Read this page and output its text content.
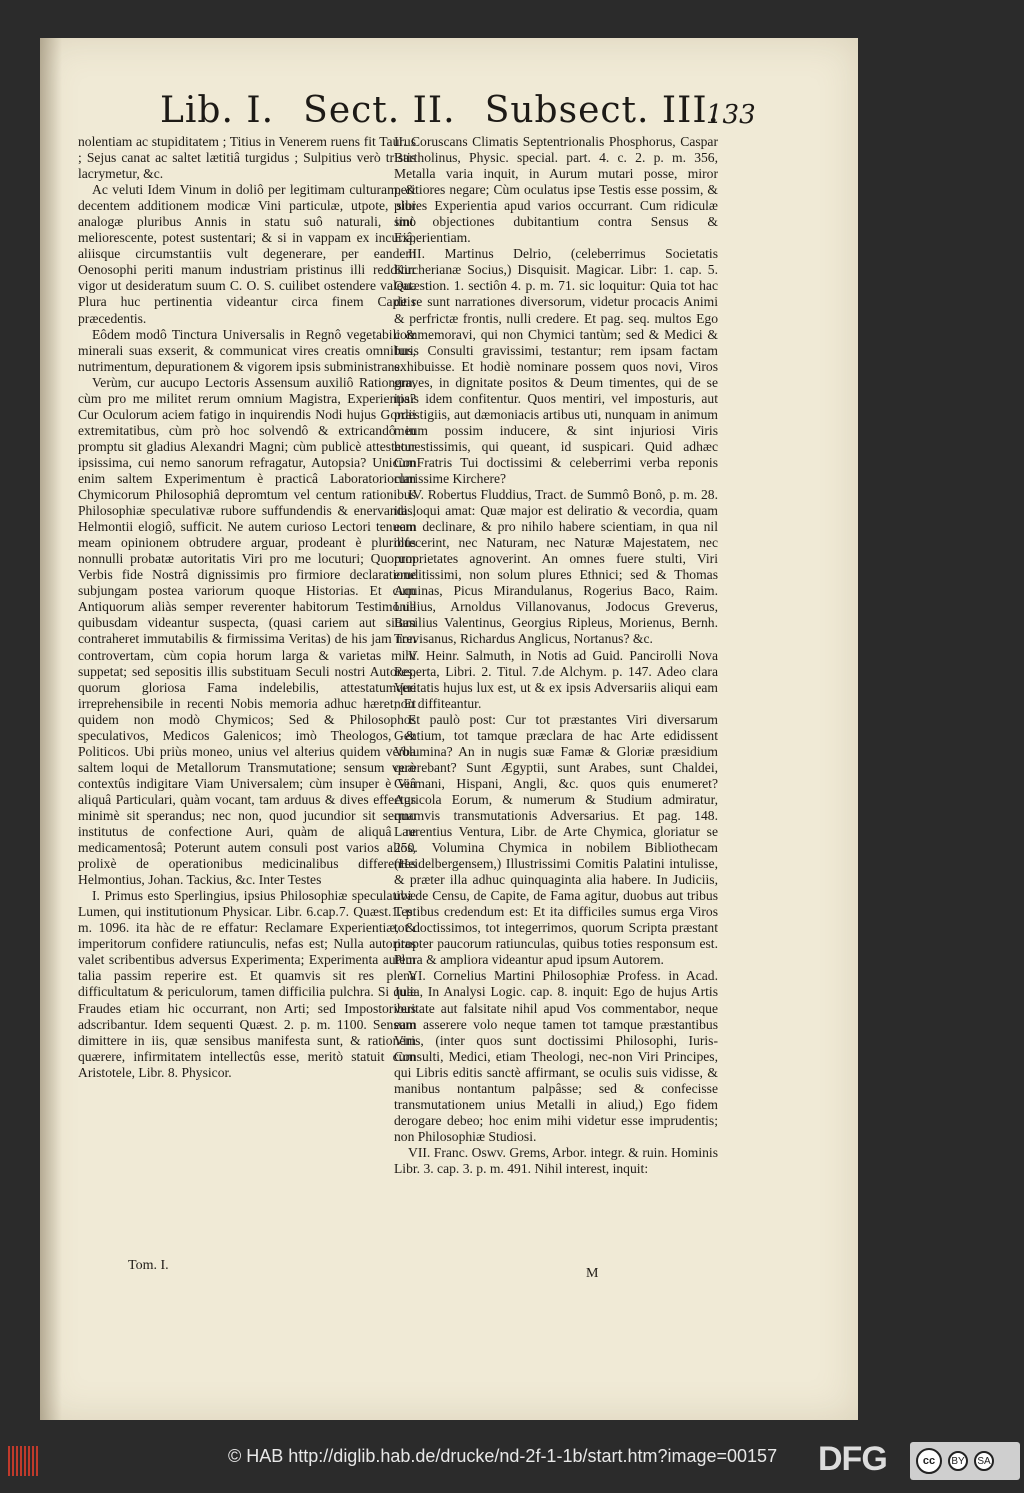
Lib. I. Sect. II. Subsect. III.
133

nolentiam ac stupiditatem ; Titius in Venerem ruens fit Taurus ; Sejus canat ac saltet lætitiâ turgidus ; Sulpitius verò tristis lacrymetur, &c.

Ac veluti Idem Vinum in doliô per legitimam culturam, & decentem additionem modicæ Vini particulæ, utpote, sibi analogæ pluribus Annis in statu suô naturali, imò meliorescente, potest sustentari; & si in vappam ex incuriâ, aliisque circumstantiis vult degenerare, per eandem Oenosophi periti manum industriam pristinus illi redditur vigor ut desideratum suum C. O. S. cuilibet ostendere valeat. Plura huc pertinentia videantur circa finem Capitis præcedentis.

Eôdem modô Tinctura Universalis in Regnô vegetabili & minerali suas exserit, & communicat vires creatis omnibus, nutrimentum, depurationem & vigorem ipsis subministrans.

Verùm, cur aucupo Lectoris Assensum auxiliô Rationum, cùm pro me militet rerum omnium Magistra, Experientia? Cur Oculorum aciem fatigo in inquirendis Nodi hujus Gordii extremitatibus, cùm prò hoc solvendô & extricandô in promptu sit gladius Alexandri Magni; cùm publicè attestetur ipsissima, cui nemo sanorum refragatur, Autopsia? Unicum enim saltem Experimentum è practicâ Laboratoriorum Chymicorum Philosophiâ depromtum vel centum rationibus Philosophiæ speculativæ rubore suffundendis & enervandis, Helmontii elogiô, sufficit. Ne autem curioso Lectori tenuem meam opinionem obtrudere arguar, prodeant è pluribus nonnulli probatæ autoritatis Viri pro me locuturi; Quorum Verbis fide Nostrâ dignissimis pro firmiore declaratione subjungam postea variorum quoque Historias. Et cum Antiquorum aliàs semper reverenter habitorum Testimonia quibusdam videantur suspecta, (quasi cariem aut situm contraheret immutabilis & firmissima Veritas) de his jam non controvertam, cùm copia horum larga & varietas mihi suppetat; sed sepositis illis substituam Seculi nostri Autores, quorum gloriosa Fama indelebilis, attestatumque irreprehensibile in recenti Nobis memoria adhuc hæret; Et quidem non modò Chymicos; Sed & Philosophos speculativos, Medicos Galenicos; imò Theologos, & Politicos. Ubi priùs moneo, unius vel alterius quidem verba saltem loqui de Metallorum Transmutatione; sensum verò contextûs indigitare Viam Universalem; cùm insuper è Viâ aliquâ Particulari, quàm vocant, tam arduus & dives effectus minimè sit sperandus; nec non, quod jucundior sit sermo institutus de confectione Auri, quàm de aliquâ re medicamentosâ; Poterunt autem consuli post varios alios, prolixè de operationibus medicinalibus differentes Helmontius, Johan. Tackius, &c. Inter Testes

I. Primus esto Sperlingius, ipsius Philosophiæ speculativæ Lumen, qui institutionum Physicar. Libr. 6.cap.7. Quæst.1. p. m. 1096. ita hàc de re effatur: Reclamare Experientiæ, & imperitorum confidere ratiunculis, nefas est; Nulla autoritas valet scribentibus adversus Experimenta; Experimenta autem talia passim reperire est. Et quamvis sit res plena difficultatum & periculorum, tamen difficilia pulchra. Si quæ Fraudes etiam hic occurrant, non Arti; sed Impostoribus adscribantur. Idem sequenti Quæst. 2. p. m. 1100. Sensum dimittere in iis, quæ sensibus manifesta sunt, & rationem quærere, infirmitatem intellectûs esse, meritò statuit cum Aristotele, Libr. 8. Physicor.

II. Coruscans Climatis Septentrionalis Phosphorus, Caspar Bartholinus, Physic. special. part. 4. c. 2. p. m. 356, Metalla varia inquit, in Aurum mutari posse, miror peritiores negare; Cùm oculatus ipse Testis esse possim, & plures Experientia apud varios occurrant. Cum ridiculæ sint objectiones dubitantium contra Sensus & Experientiam.

III. Martinus Delrio, (celeberrimus Societatis Kircherianæ Socius,) Disquisit. Magicar. Libr: 1. cap. 5. Quæstion. 1. sectiôn 4. p. m. 71. sic loquitur: Quia tot hac de re sunt narrationes diversorum, videtur procacis Animi & perfrictæ frontis, nulli credere. Et pag. seq. multos Ego commemoravi, qui non Chymici tantùm; sed & Medici & Iuris Consulti gravissimi, testantur; rem ipsam factam exhibuisse. Et hodiè nominare possem quos novi, Viros graves, in dignitate positos & Deum timentes, qui de se ipsis idem confitentur. Quos mentiri, vel imposturis, aut præstigiis, aut dæmoniacis artibus uti, nunquam in animum meum possim inducere, & sint injuriosi Viris honestissimis, qui queant, id suspicari. Quid adhæc ConFratris Tui doctissimi & celeberrimi verba reponis clarissime Kirchere?

IV. Robertus Fluddius, Tract. de Summô Bonô, p. m. 28. ita loqui amat: Quæ major est deliratio & vecordia, quam eam declinare, & pro nihilo habere scientiam, in qua nil olfecerint, nec Naturam, nec Naturæ Majestatem, nec proprietates agnoverint. An omnes fuere stulti, Viri eruditissimi, non solum plures Ethnici; sed & Thomas Aquinas, Picus Mirandulanus, Rogerius Baco, Raim. Lullius, Arnoldus Villanovanus, Jodocus Greverus, Basilius Valentinus, Georgius Ripleus, Morienus, Bernh. Trevisanus, Richardus Anglicus, Nortanus? &c.

V. Heinr. Salmuth, in Notis ad Guid. Pancirolli Nova Reperta, Libri. 2. Titul. 7.de Alchym. p. 147. Adeo clara Veritatis hujus lux est, ut & ex ipsis Adversariis aliqui eam non diffiteantur.

Et paulò post: Cur tot præstantes Viri diversarum Gentium, tot tamque præclara de hac Arte edidissent Volumina? An in nugis suæ Famæ & Gloriæ præsidium quærebant? Sunt Ægyptii, sunt Arabes, sunt Chaldei, Germani, Hispani, Angli, &c. quos quis enumeret? Agricola Eorum, & numerum & Studium admiratur, quamvis transmutationis Adversarius. Et pag. 148. Laurentius Ventura, Libr. de Arte Chymica, gloriatur se 250. Volumina Chymica in nobilem Bibliothecam (Heidelbergensem,) Illustrissimi Comitis Palatini intulisse, & præter illa adhuc quinquaginta alia habere. In Judiciis, ubi de Censu, de Capite, de Fama agitur, duobus aut tribus Testibus credendum est: Et ita difficiles sumus erga Viros tot doctissimos, tot integerrimos, quorum Scripta præstant propter paucorum ratiunculas, quibus toties responsum est. Plura & ampliora videantur apud ipsum Autorem.

VI. Cornelius Martini Philosophiæ Profess. in Acad. Julia, In Analysi Logic. cap. 8. inquit: Ego de hujus Artis veritate aut falsitate nihil apud Vos commentabor, neque eam asserere volo neque tamen tot tamque præstantibus Viris, (inter quos sunt doctissimi Philosophi, Iuris-Consulti, Medici, etiam Theologi, nec-non Viri Principes, qui Libris editis sanctè affirmant, se oculis suis vidisse, & manibus nontantum palpâsse; sed & confecisse transmutationem unius Metalli in aliud,) Ego fidem derogare debeo; hoc enim mihi videtur esse imprudentis; non Philosophiæ Studiosi.

VII. Franc. Oswv. Grems, Arbor. integr. & ruin. Hominis Libr. 3. cap. 3. p. m. 491. Nihil interest, inquit:

Tom. I.
M
© HAB http://diglib.hab.de/drucke/nd-2f-1-1b/start.htm?image=00157 DFG	cc	BY	SA
